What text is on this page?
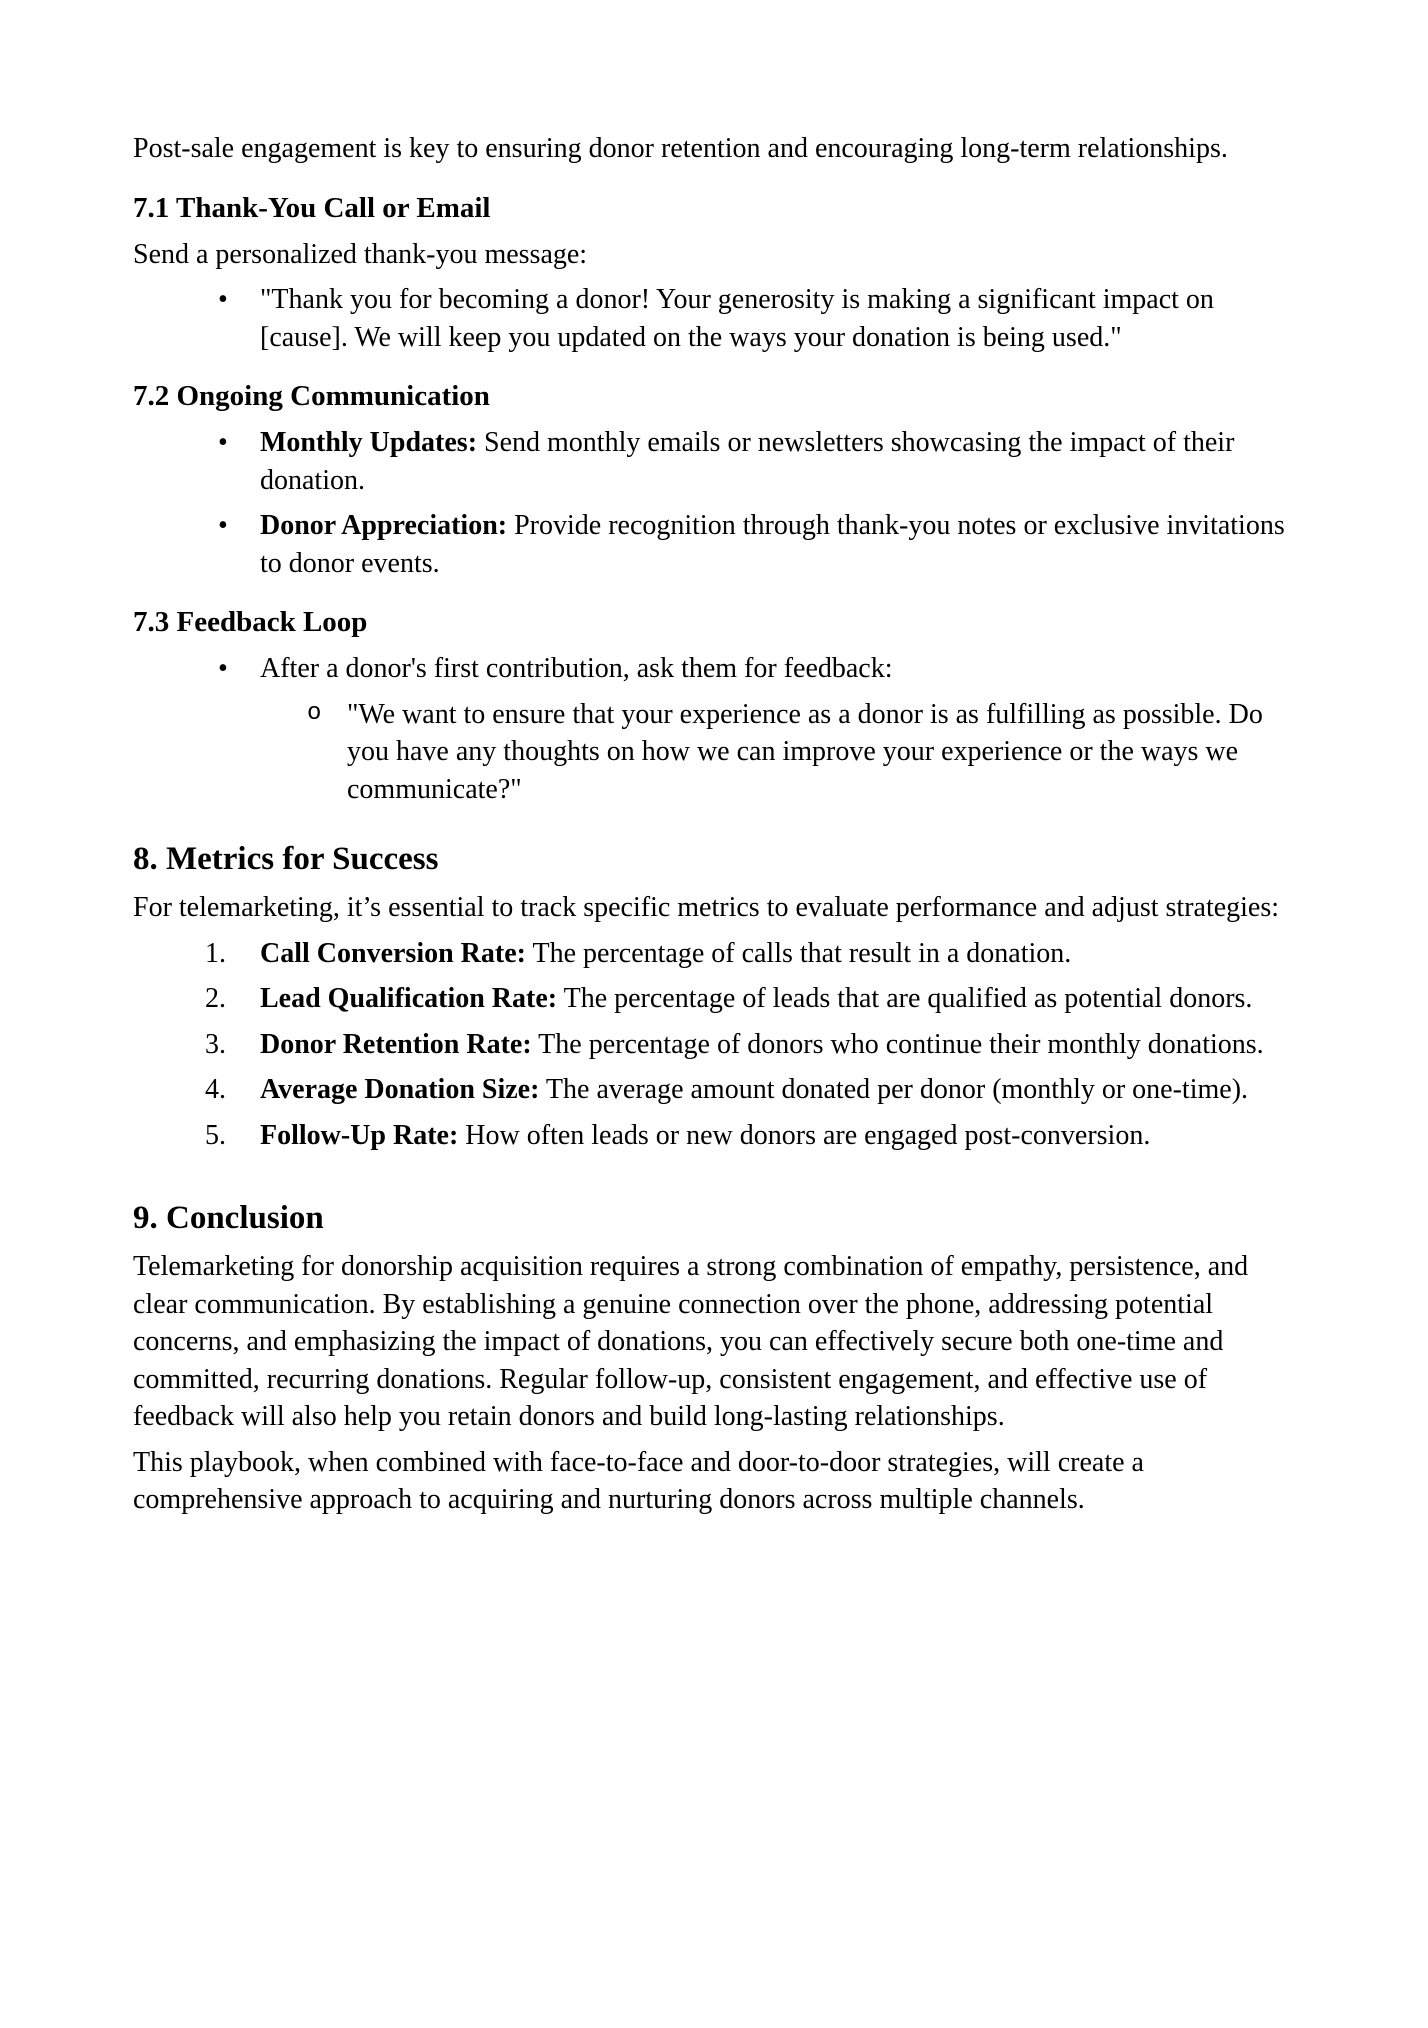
Post-sale engagement is key to ensuring donor retention and encouraging long-term relationships.

7.1 Thank-You Call or Email

Send a personalized thank-you message:

• "Thank you for becoming a donor! Your generosity is making a significant impact on [cause]. We will keep you updated on the ways your donation is being used."
7.2 Ongoing Communication
• Monthly Updates: Send monthly emails or newsletters showcasing the impact of their donation.
• Donor Appreciation: Provide recognition through thank-you notes or exclusive invitations to donor events.
7.3 Feedback Loop
• After a donor's first contribution, ask them for feedback:
o "We want to ensure that your experience as a donor is as fulfilling as possible. Do you have any thoughts on how we can improve your experience or the ways we communicate?"
8. Metrics for Success

For telemarketing, it’s essential to track specific metrics to evaluate performance and adjust strategies:

1. Call Conversion Rate: The percentage of calls that result in a donation.
2. Lead Qualification Rate: The percentage of leads that are qualified as potential donors.
3. Donor Retention Rate: The percentage of donors who continue their monthly donations.
4. Average Donation Size: The average amount donated per donor (monthly or one-time).
5. Follow-Up Rate: How often leads or new donors are engaged post-conversion.
9. Conclusion

Telemarketing for donorship acquisition requires a strong combination of empathy, persistence, and clear communication. By establishing a genuine connection over the phone, addressing potential concerns, and emphasizing the impact of donations, you can effectively secure both one-time and committed, recurring donations. Regular follow-up, consistent engagement, and effective use of feedback will also help you retain donors and build long-lasting relationships.

This playbook, when combined with face-to-face and door-to-door strategies, will create a comprehensive approach to acquiring and nurturing donors across multiple channels.
